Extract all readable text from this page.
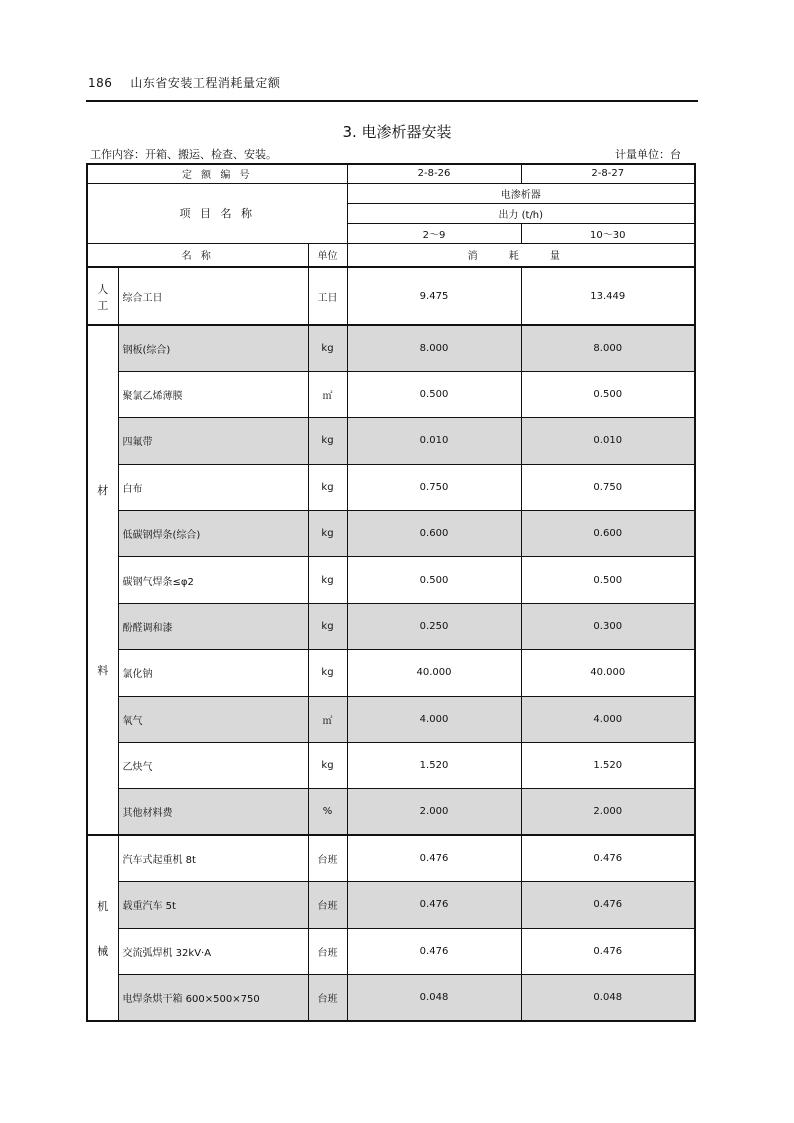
186 山东省安装工程消耗量定额
3. 电渗析器安装
工作内容：开箱、搬运、检查、安装。	计量单位：台
定 额 编 号			2-8-26	2-8-27
项 目 名 称			电渗析器	
			出力 (t/h)	
			2～9	10～30
名 称		单位	消 耗 量	

人
工	综合工日	工日	9.475	13.449

材
料	钢板(综合)	kg	8.000	8.000
	聚氯乙烯薄膜	㎡	0.500	0.500
	四氟带	kg	0.010	0.010
	白布	kg	0.750	0.750
	低碳钢焊条(综合)	kg	0.600	0.600
	碳钢气焊条≤φ2	kg	0.500	0.500
	酚醛调和漆	kg	0.250	0.300
	氯化钠	kg	40.000	40.000
	氧气	㎥	4.000	4.000
	乙炔气	kg	1.520	1.520
	其他材料费	%	2.000	2.000

机
械	汽车式起重机 8t	台班	0.476	0.476
	载重汽车 5t	台班	0.476	0.476
	交流弧焊机 32kV·A	台班	0.476	0.476
	电焊条烘干箱 600×500×750	台班	0.048	0.048
